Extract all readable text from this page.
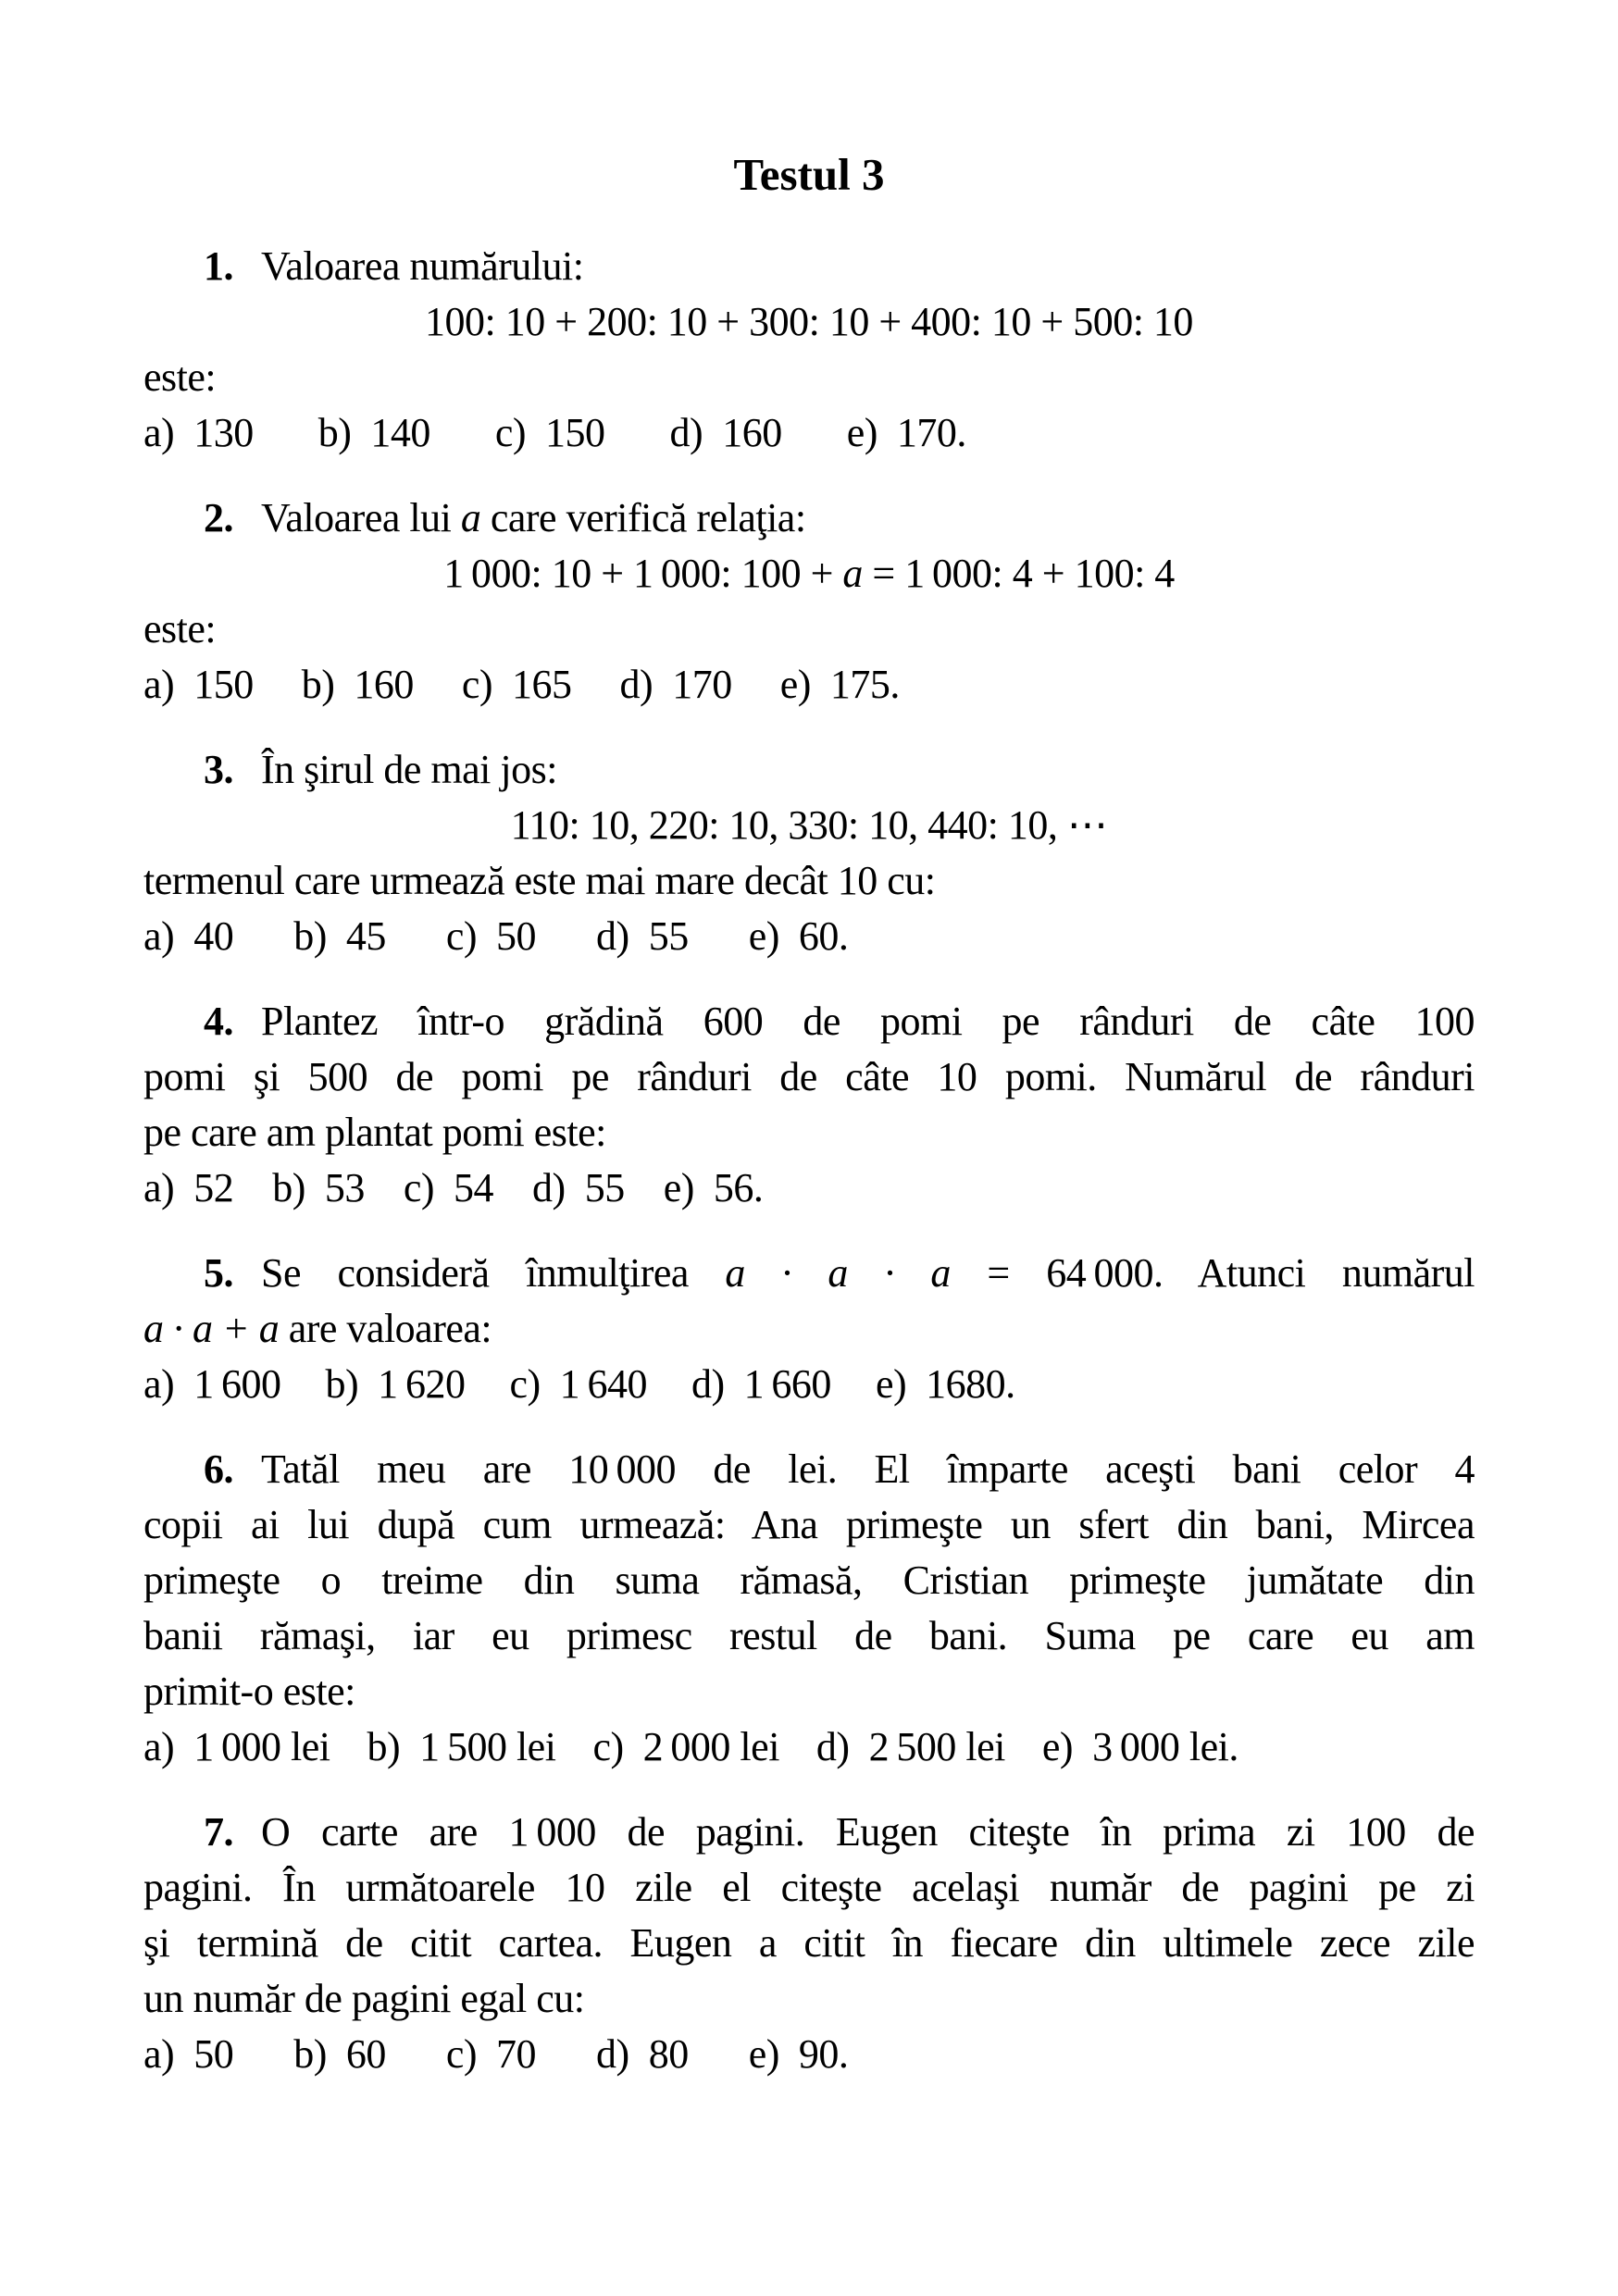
Testul 3
1. Valoarea numărului:
100: 10 + 200: 10 + 300: 10 + 400: 10 + 500: 10
este:
a) 130 b) 140 c) 150 d) 160 e) 170.
2. Valoarea lui a care verifică relaţia:
1 000: 10 + 1 000: 100 + a = 1 000: 4 + 100: 4
este:
a) 150 b) 160 c) 165 d) 170 e) 175.
3. În şirul de mai jos:
110: 10, 220: 10, 330: 10, 440: 10, ⋯
termenul care urmează este mai mare decât 10 cu:
a) 40 b) 45 c) 50 d) 55 e) 60.
4. Plantez într-o grădină 600 de pomi pe rânduri de câte 100
pomi şi 500 de pomi pe rânduri de câte 10 pomi. Numărul de rânduri
pe care am plantat pomi este:
a) 52 b) 53 c) 54 d) 55 e) 56.
5. Se consideră înmulţirea a · a · a = 64 000. Atunci numărul
a · a + a are valoarea:
a) 1 600 b) 1 620 c) 1 640 d) 1 660 e) 1680.
6. Tatăl meu are 10 000 de lei. El împarte aceşti bani celor 4
copii ai lui după cum urmează: Ana primeşte un sfert din bani, Mircea
primeşte o treime din suma rămasă, Cristian primeşte jumătate din
banii rămaşi, iar eu primesc restul de bani. Suma pe care eu am
primit-o este:
a) 1 000 lei b) 1 500 lei c) 2 000 lei d) 2 500 lei e) 3 000 lei.
7. O carte are 1 000 de pagini. Eugen citeşte în prima zi 100 de
pagini. În următoarele 10 zile el citeşte acelaşi număr de pagini pe zi
şi termină de citit cartea. Eugen a citit în fiecare din ultimele zece zile
un număr de pagini egal cu:
a) 50 b) 60 c) 70 d) 80 e) 90.
